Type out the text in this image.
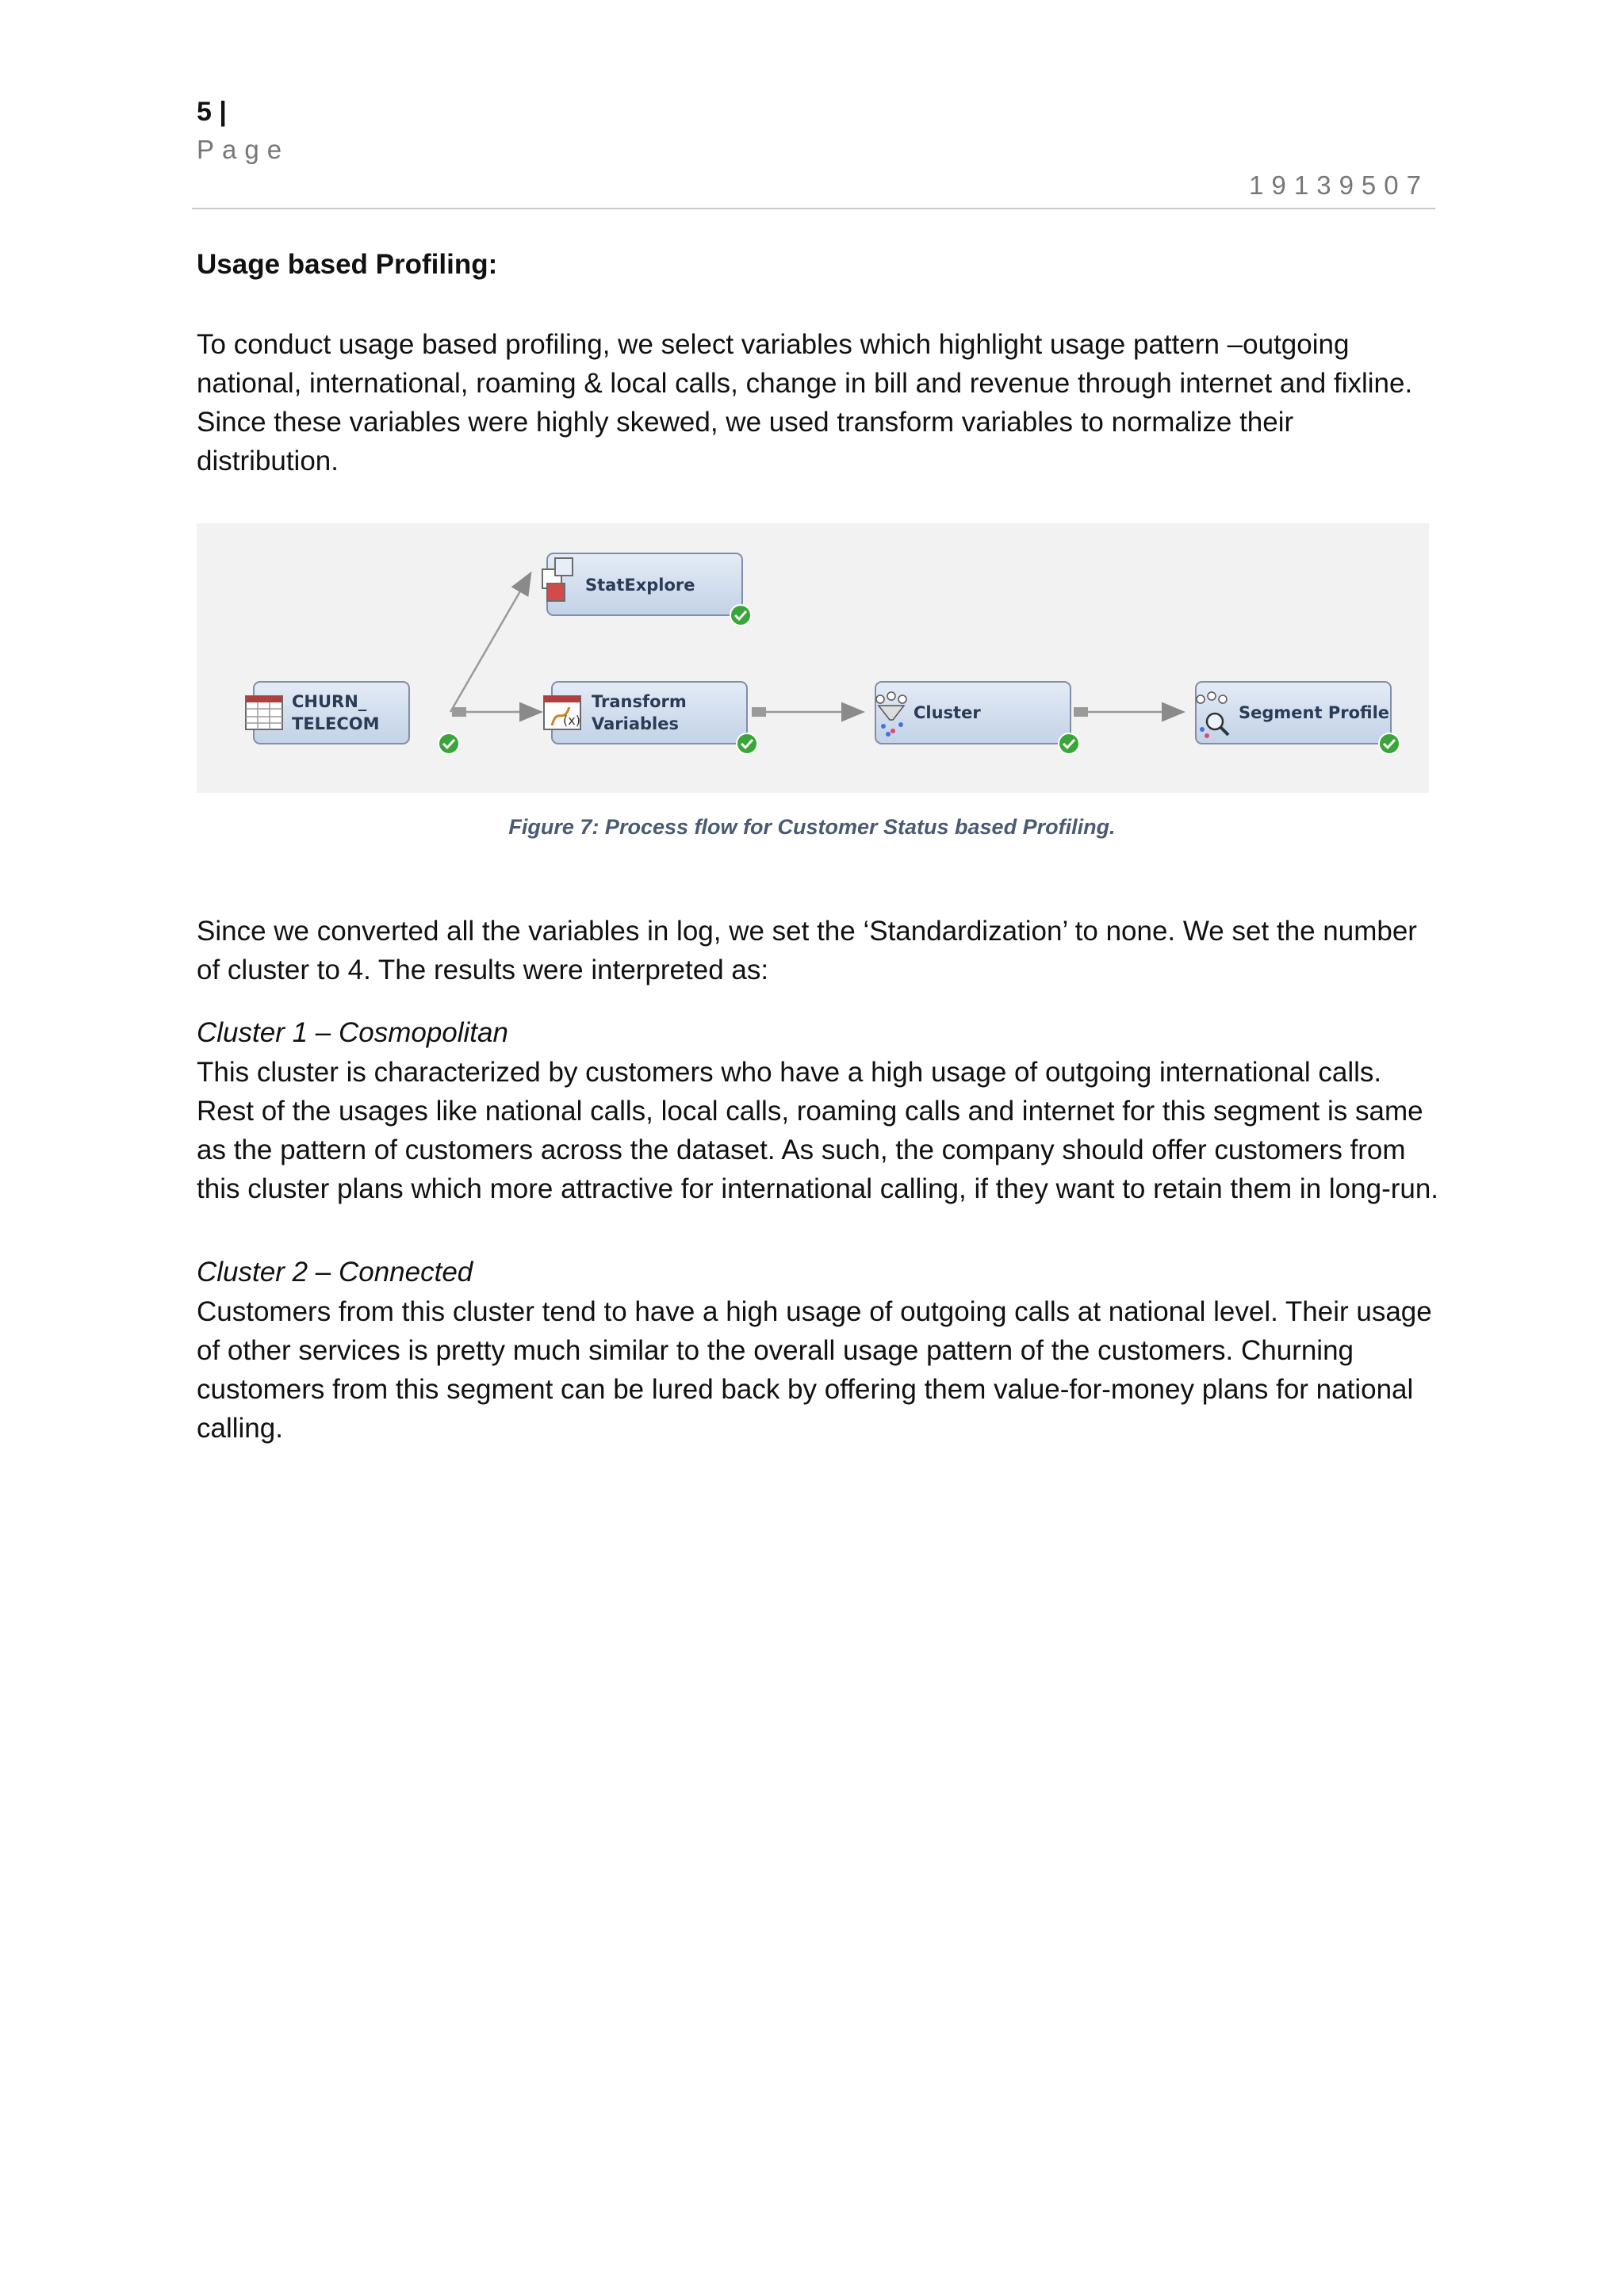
5 |
Page
19139507
Usage based Profiling:
To conduct usage based profiling, we select variables which highlight usage pattern –outgoing national, international, roaming & local calls, change in bill and revenue through internet and fixline. Since these variables were highly skewed, we used transform variables to normalize their distribution.
CHURN_
TELECOM
StatExplore
(x)
Transform
Variables
Cluster	Segment Profile
Figure 7: Process flow for Customer Status based Profiling.
Since we converted all the variables in log, we set the ‘Standardization’ to none. We set the number of cluster to 4. The results were interpreted as:
Cluster 1 – Cosmopolitan
This cluster is characterized by customers who have a high usage of outgoing international calls. Rest of the usages like national calls, local calls, roaming calls and internet for this segment is same as the pattern of customers across the dataset. As such, the company should offer customers from this cluster plans which more attractive for international calling, if they want to retain them in long-run.
Cluster 2 – Connected
Customers from this cluster tend to have a high usage of outgoing calls at national level. Their usage of other services is pretty much similar to the overall usage pattern of the customers. Churning customers from this segment can be lured back by offering them value-for-money plans for national calling.
